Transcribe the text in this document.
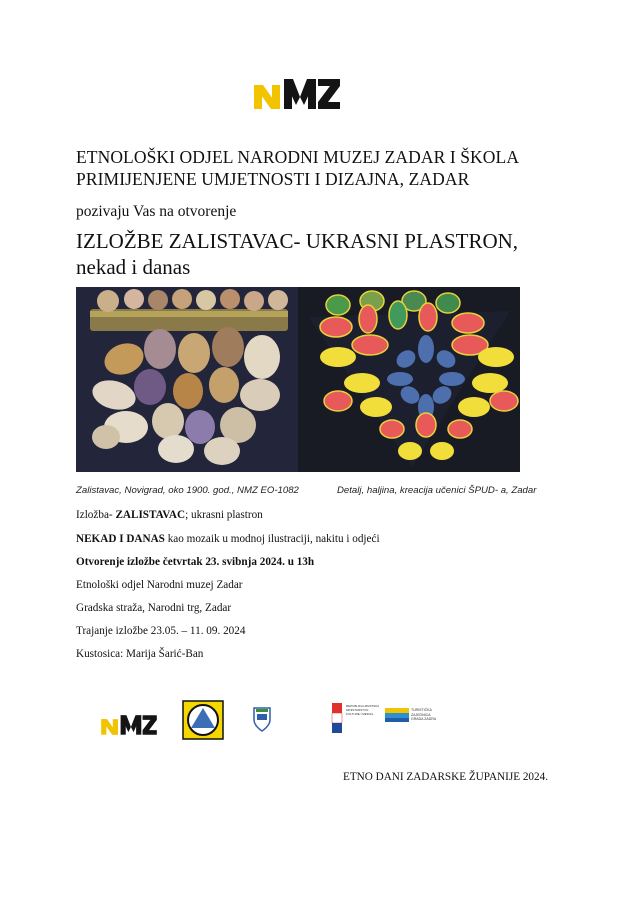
ETNOLOŠKI ODJEL NARODNI MUZEJ ZADAR I ŠKOLA
PRIMIJENJENE UMJETNOSTI I DIZAJNA, ZADAR
pozivaju Vas na otvorenje
IZLOŽBE ZALISTAVAC- UKRASNI PLASTRON,
nekad i danas
Zalistavac, Novigrad, oko 1900. god., NMZ EO-1082	Detalj, haljina, kreacija učenici ŠPUD- a, Zadar
Izložba- ZALISTAVAC; ukrasni plastron
NEKAD I DANAS kao mozaik u modnoj ilustraciji, nakitu i odjeći
Otvorenje izložbe četvrtak 23. svibnja 2024. u 13h
Etnološki odjel Narodni muzej Zadar
Gradska straža, Narodni trg, Zadar
Trajanje izložbe 23.05. – 11. 09. 2024
Kustosica: Marija Šarić-Ban
REPUBLIKA HRVATSKA MINISTARSTVO KULTURE I MEDIJA
TURISTIČKA ZAJEDNICA GRADA ZADRA
ETNO DANI ZADARSKE ŽUPANIJE 2024.
